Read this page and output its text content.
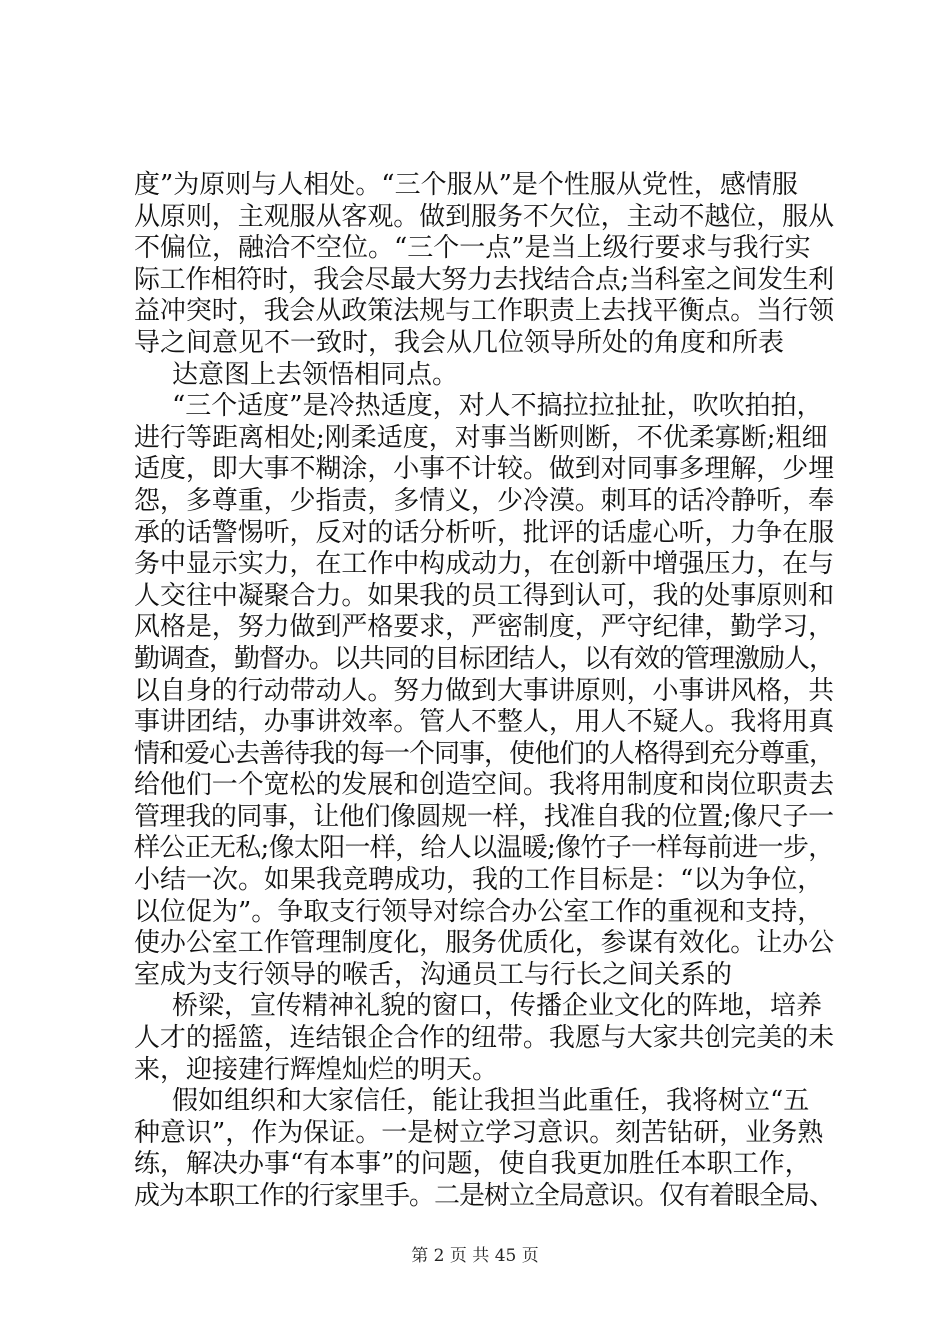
度”为原则与人相处。“三个服从”是个性服从党性，感情服
从原则，主观服从客观。做到服务不欠位，主动不越位，服从
不偏位，融洽不空位。“三个一点”是当上级行要求与我行实
际工作相符时，我会尽最大努力去找结合点;当科室之间发生利
益冲突时，我会从政策法规与工作职责上去找平衡点。当行领
导之间意见不一致时，我会从几位领导所处的角度和所表
达意图上去领悟相同点。
“三个适度”是冷热适度，对人不搞拉拉扯扯，吹吹拍拍，
进行等距离相处;刚柔适度，对事当断则断，不优柔寡断;粗细
适度，即大事不糊涂，小事不计较。做到对同事多理解，少埋
怨，多尊重，少指责，多情义，少冷漠。刺耳的话冷静听，奉
承的话警惕听，反对的话分析听，批评的话虚心听，力争在服
务中显示实力，在工作中构成动力，在创新中增强压力，在与
人交往中凝聚合力。如果我的员工得到认可，我的处事原则和
风格是，努力做到严格要求，严密制度，严守纪律，勤学习，
勤调查，勤督办。以共同的目标团结人，以有效的管理激励人，
以自身的行动带动人。努力做到大事讲原则，小事讲风格，共
事讲团结，办事讲效率。管人不整人，用人不疑人。我将用真
情和爱心去善待我的每一个同事，使他们的人格得到充分尊重，
给他们一个宽松的发展和创造空间。我将用制度和岗位职责去
管理我的同事，让他们像圆规一样，找准自我的位置;像尺子一
样公正无私;像太阳一样，给人以温暖;像竹子一样每前进一步，
小结一次。如果我竞聘成功，我的工作目标是：“以为争位，
以位促为”。争取支行领导对综合办公室工作的重视和支持，
使办公室工作管理制度化，服务优质化，参谋有效化。让办公
室成为支行领导的喉舌，沟通员工与行长之间关系的
桥梁，宣传精神礼貌的窗口，传播企业文化的阵地，培养
人才的摇篮，连结银企合作的纽带。我愿与大家共创完美的未
来，迎接建行辉煌灿烂的明天。
假如组织和大家信任，能让我担当此重任，我将树立“五
种意识”，作为保证。一是树立学习意识。刻苦钻研，业务熟
练，解决办事“有本事”的问题，使自我更加胜任本职工作，
成为本职工作的行家里手。二是树立全局意识。仅有着眼全局、
第 2 页 共 45 页
